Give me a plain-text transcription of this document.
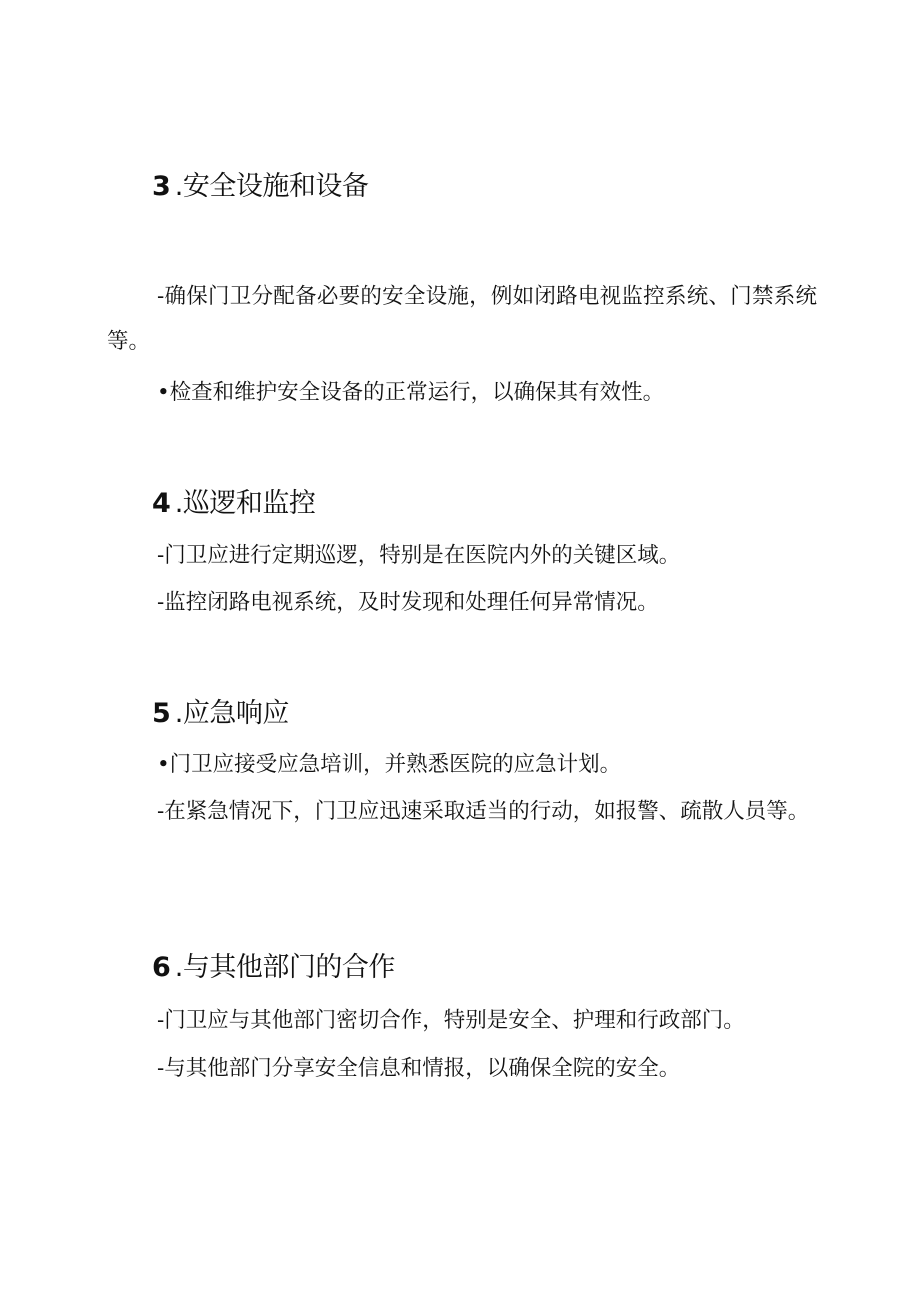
3 .安全设施和设备

-确保门卫分配备必要的安全设施，例如闭路电视监控系统、门禁系统等。

•检查和维护安全设备的正常运行，以确保其有效性。

4 .巡逻和监控

-门卫应进行定期巡逻，特别是在医院内外的关键区域。

-监控闭路电视系统，及时发现和处理任何异常情况。

5 .应急响应

•门卫应接受应急培训，并熟悉医院的应急计划。

-在紧急情况下，门卫应迅速采取适当的行动，如报警、疏散人员等。

6 .与其他部门的合作

-门卫应与其他部门密切合作，特别是安全、护理和行政部门。

-与其他部门分享安全信息和情报，以确保全院的安全。
